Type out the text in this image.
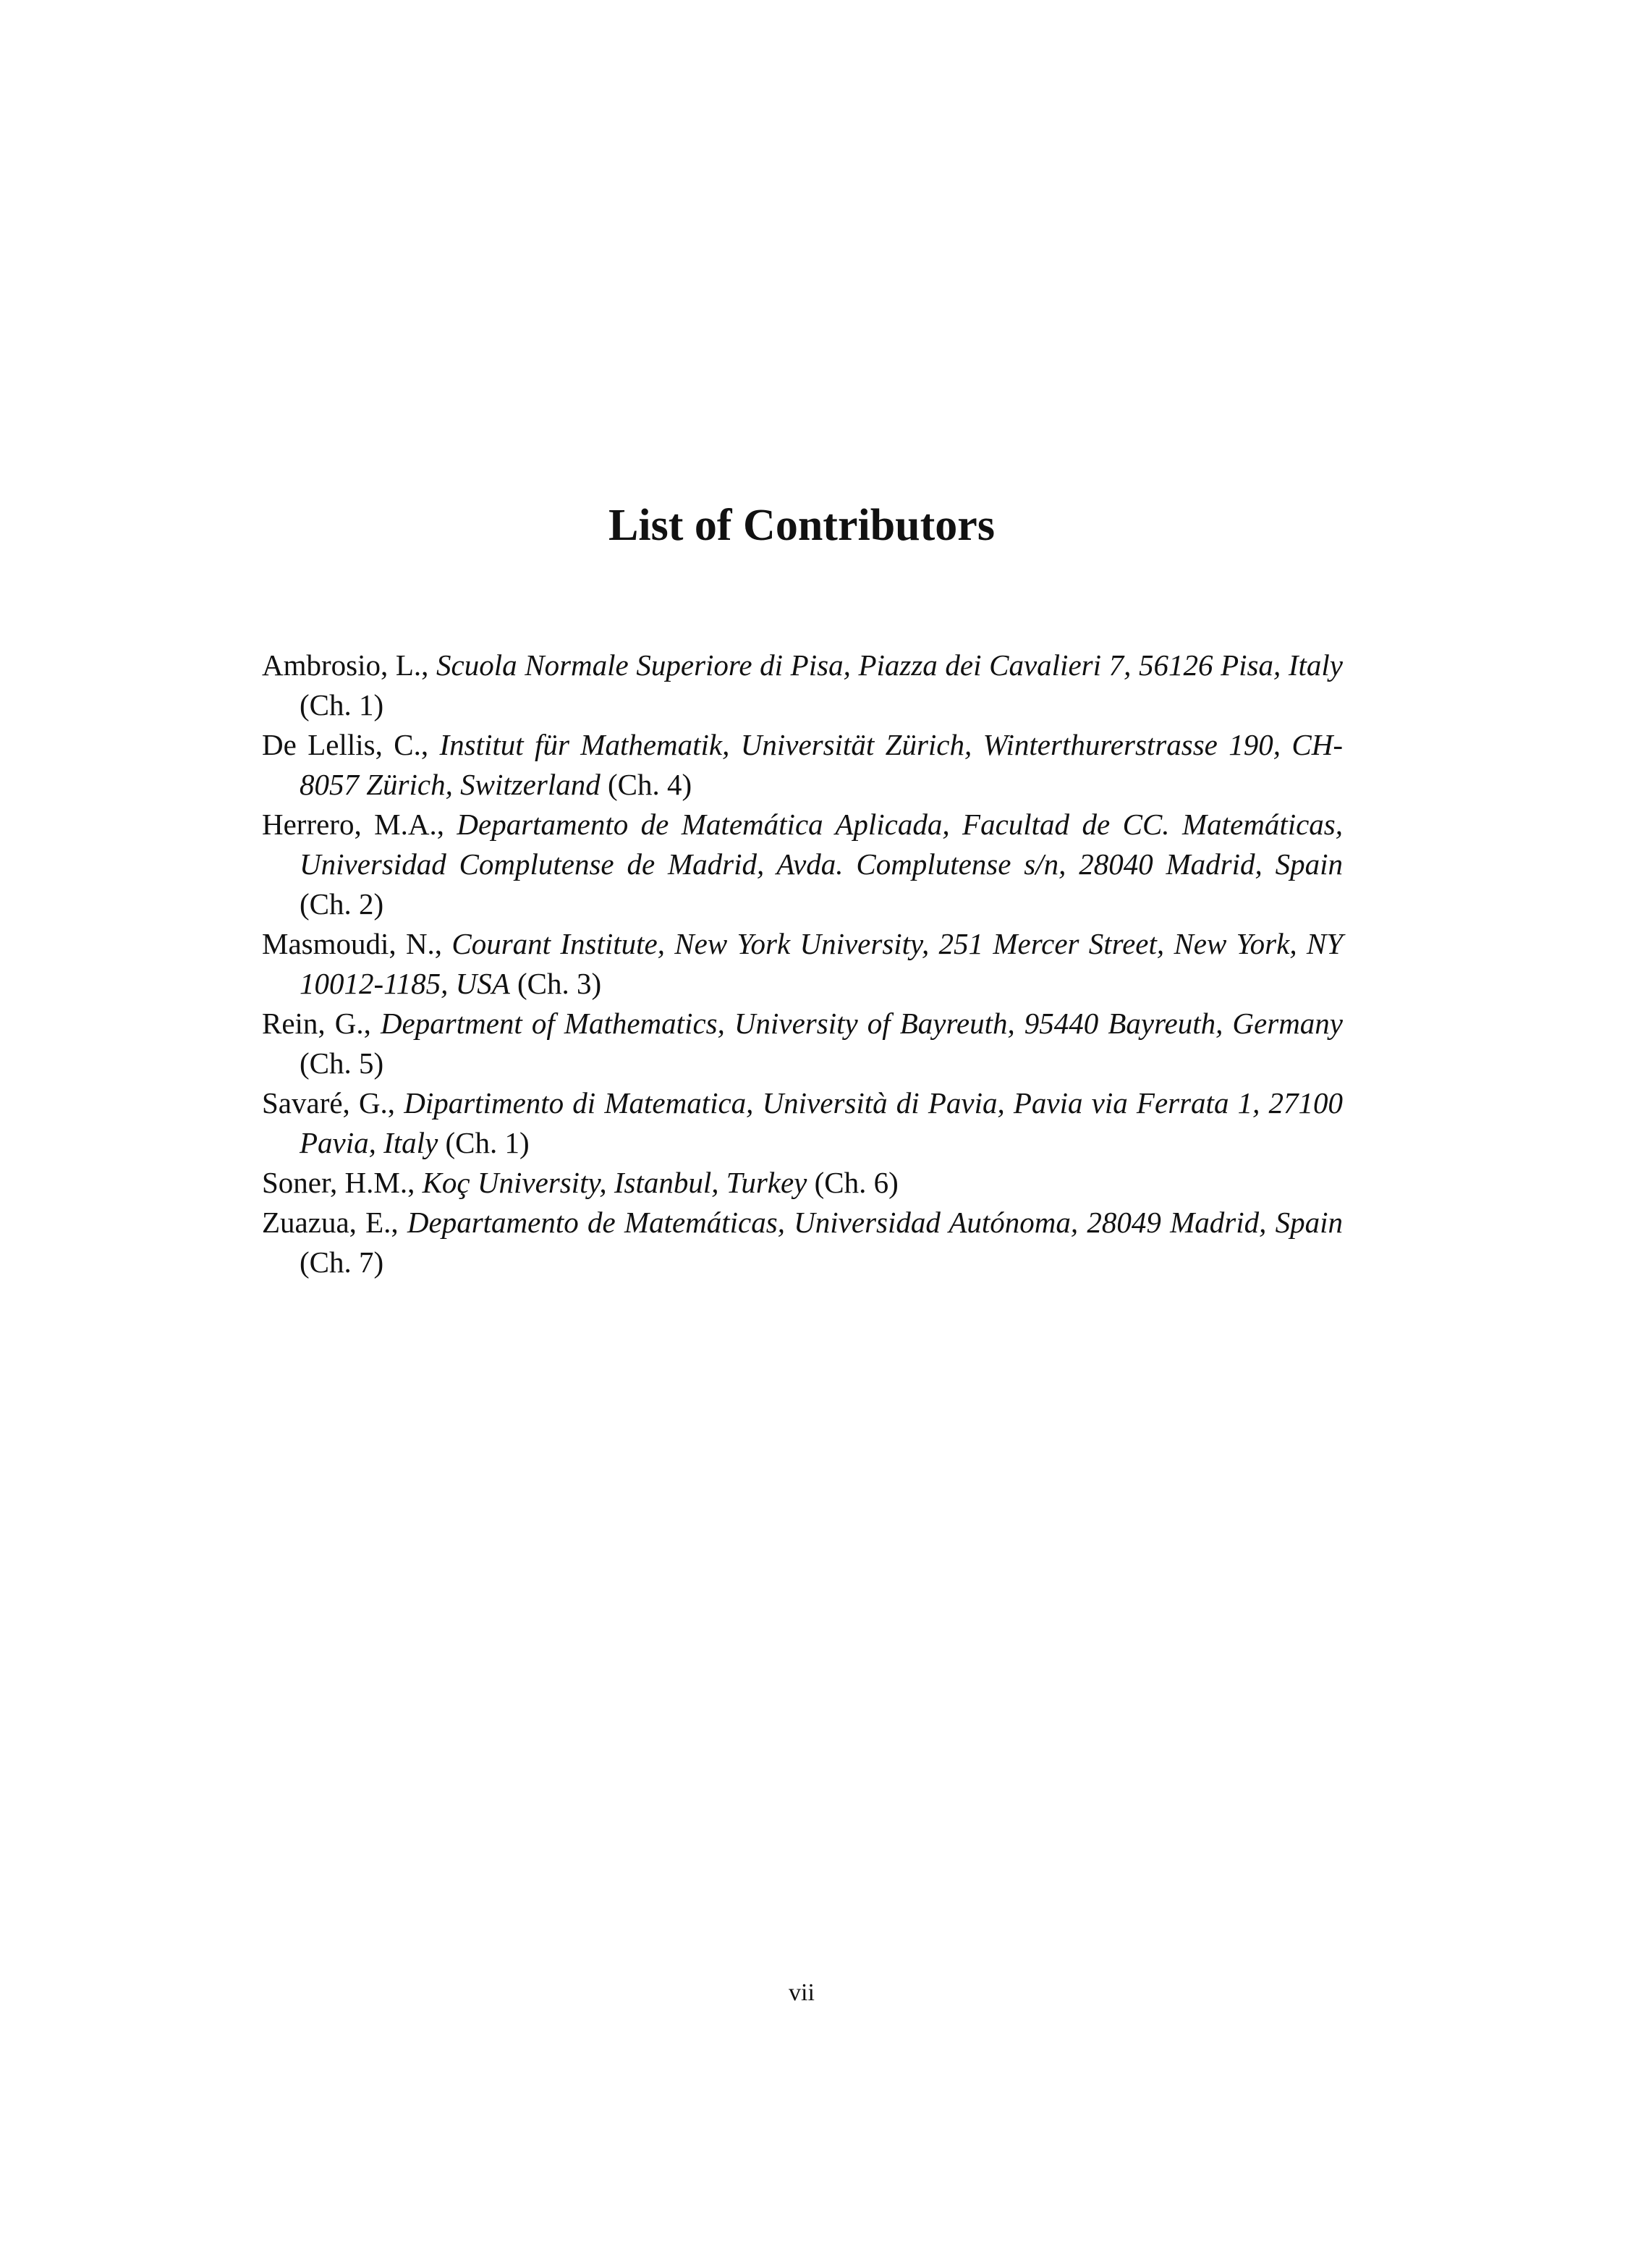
List of Contributors
Ambrosio, L., Scuola Normale Superiore di Pisa, Piazza dei Cavalieri 7, 56126 Pisa, Italy (Ch. 1)
De Lellis, C., Institut für Mathematik, Universität Zürich, Winterthurerstrasse 190, CH-8057 Zürich, Switzerland (Ch. 4)
Herrero, M.A., Departamento de Matemática Aplicada, Facultad de CC. Matemáticas, Universidad Complutense de Madrid, Avda. Complutense s/n, 28040 Madrid, Spain (Ch. 2)
Masmoudi, N., Courant Institute, New York University, 251 Mercer Street, New York, NY 10012-1185, USA (Ch. 3)
Rein, G., Department of Mathematics, University of Bayreuth, 95440 Bayreuth, Germany (Ch. 5)
Savaré, G., Dipartimento di Matematica, Università di Pavia, Pavia via Ferrata 1, 27100 Pavia, Italy (Ch. 1)
Soner, H.M., Koç University, Istanbul, Turkey (Ch. 6)
Zuazua, E., Departamento de Matemáticas, Universidad Autónoma, 28049 Madrid, Spain (Ch. 7)
vii
